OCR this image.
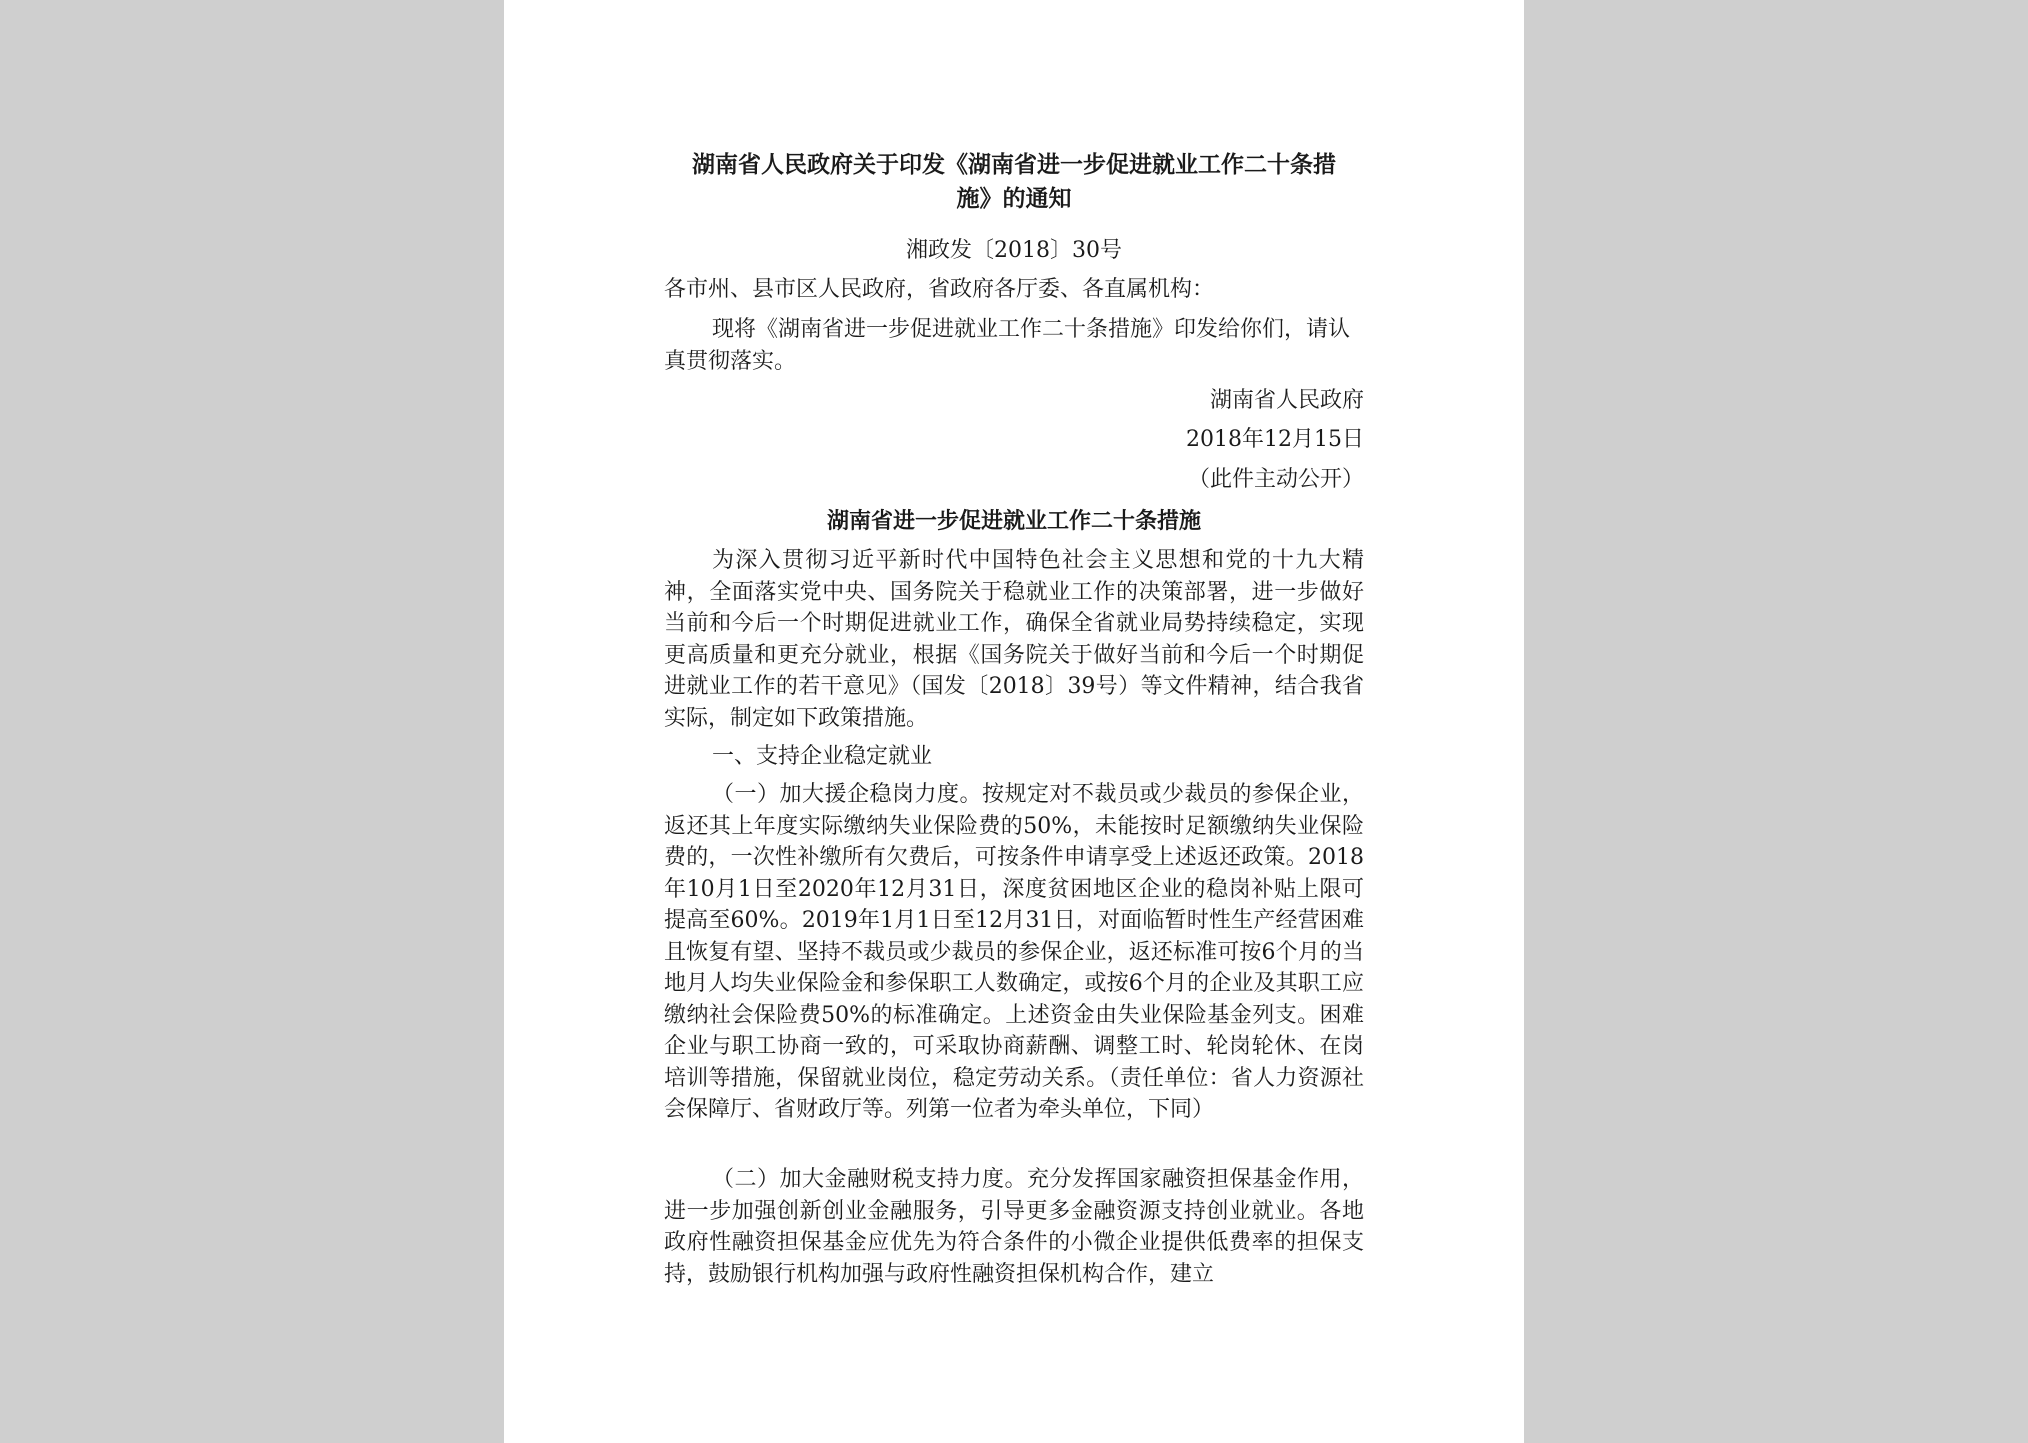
湖南省人民政府关于印发《湖南省进一步促进就业工作二十条措
施》的通知
湘政发〔2018〕30号
各市州、县市区人民政府，省政府各厅委、各直属机构：

现将《湖南省进一步促进就业工作二十条措施》印发给你们，请认真贯彻落实。

湖南省人民政府
2018年12月15日
（此件主动公开）
湖南省进一步促进就业工作二十条措施

为深入贯彻习近平新时代中国特色社会主义思想和党的十九大精神，全面落实党中央、国务院关于稳就业工作的决策部署，进一步做好当前和今后一个时期促进就业工作，确保全省就业局势持续稳定，实现更高质量和更充分就业，根据《国务院关于做好当前和今后一个时期促进就业工作的若干意见》（国发〔2018〕39号）等文件精神，结合我省实际，制定如下政策措施。

一、支持企业稳定就业

（一）加大援企稳岗力度。按规定对不裁员或少裁员的参保企业，返还其上年度实际缴纳失业保险费的50%，未能按时足额缴纳失业保险费的，一次性补缴所有欠费后，可按条件申请享受上述返还政策。2018年10月1日至2020年12月31日，深度贫困地区企业的稳岗补贴上限可提高至60%。2019年1月1日至12月31日，对面临暂时性生产经营困难且恢复有望、坚持不裁员或少裁员的参保企业，返还标准可按6个月的当地月人均失业保险金和参保职工人数确定，或按6个月的企业及其职工应缴纳社会保险费50%的标准确定。上述资金由失业保险基金列支。困难企业与职工协商一致的，可采取协商薪酬、调整工时、轮岗轮休、在岗培训等措施，保留就业岗位，稳定劳动关系。（责任单位：省人力资源社会保障厅、省财政厅等。列第一位者为牵头单位，下同）

（二）加大金融财税支持力度。充分发挥国家融资担保基金作用，进一步加强创新创业金融服务，引导更多金融资源支持创业就业。各地政府性融资担保基金应优先为符合条件的小微企业提供低费率的担保支持，鼓励银行机构加强与政府性融资担保机构合作，建立
